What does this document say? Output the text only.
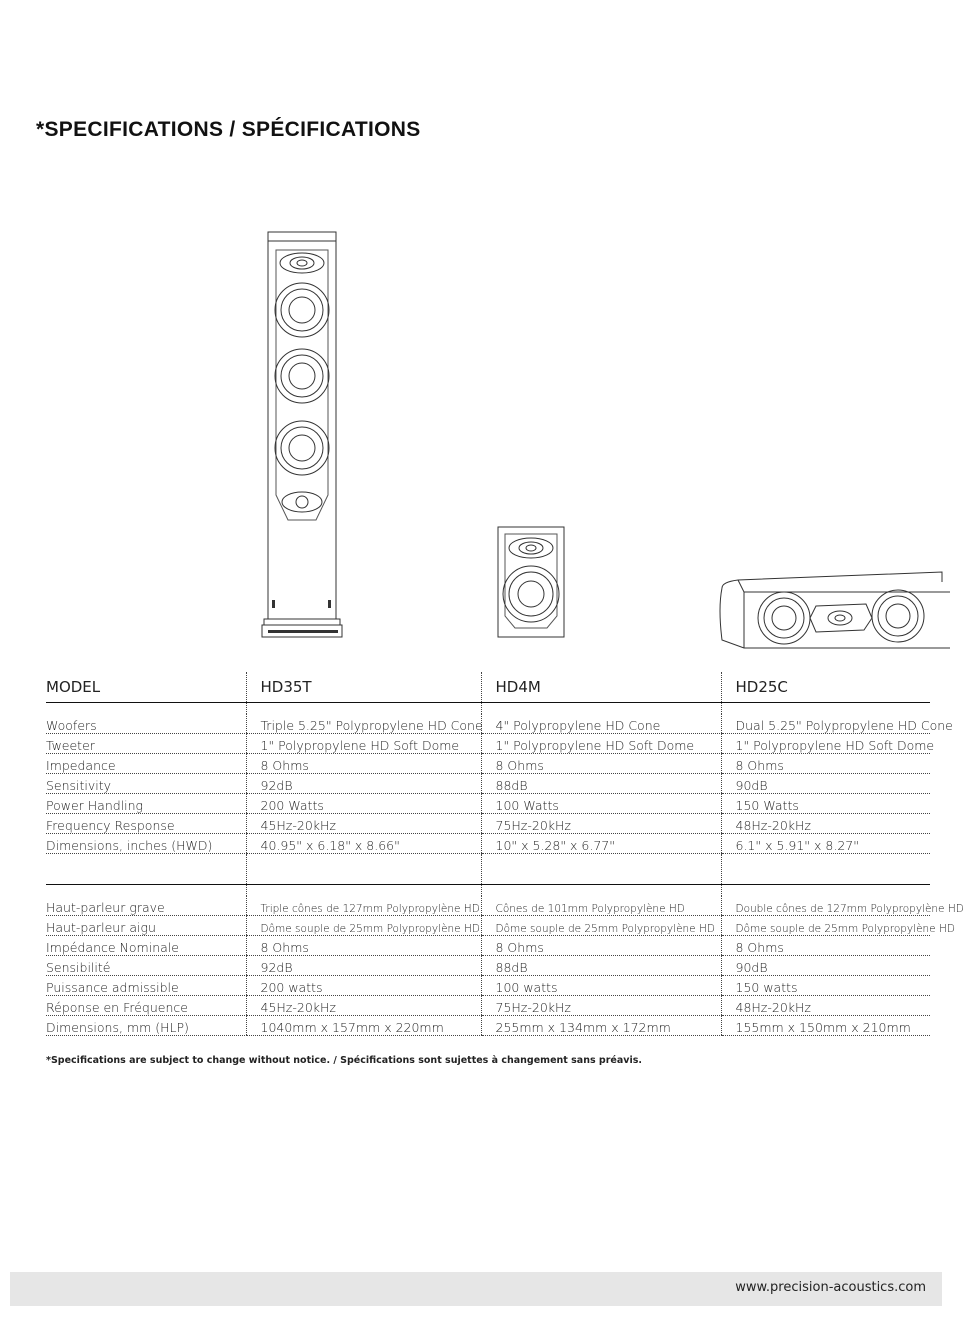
*SPECIFICATIONS / SPÉCIFICATIONS
MODEL	HD35T	HD4M	HD25C

Woofers	Triple 5.25" Polypropylene HD Cone	4" Polypropylene HD Cone	Dual 5.25" Polypropylene HD Cone
Tweeter	1" Polypropylene HD Soft Dome	1" Polypropylene HD Soft Dome	1" Polypropylene HD Soft Dome
Impedance	8 Ohms	8 Ohms	8 Ohms
Sensitivity	92dB	88dB	90dB
Power Handling	200 Watts	100 Watts	150 Watts
Frequency Response	45Hz-20kHz	75Hz-20kHz	48Hz-20kHz
Dimensions, inches (HWD)	40.95" x 6.18" x 8.66"	10" x 5.28" x 6.77"	6.1" x 5.91" x 8.27"

Haut-parleur grave	Triple cônes de 127mm Polypropylène HD	Cônes de 101mm Polypropylène HD	Double cônes de 127mm Polypropylène HD
Haut-parleur aigu	Dôme souple de 25mm Polypropylène HD	Dôme souple de 25mm Polypropylène HD	Dôme souple de 25mm Polypropylène HD
Impédance Nominale	8 Ohms	8 Ohms	8 Ohms
Sensibilité	92dB	88dB	90dB
Puissance admissible	200 watts	100 watts	150 watts
Réponse en Fréquence	45Hz-20kHz	75Hz-20kHz	48Hz-20kHz
Dimensions, mm (HLP)	1040mm x 157mm x 220mm	255mm x 134mm x 172mm	155mm x 150mm x 210mm
*Specifications are subject to change without notice. / Spécifications sont sujettes à changement sans préavis.
www.precision-acoustics.com
